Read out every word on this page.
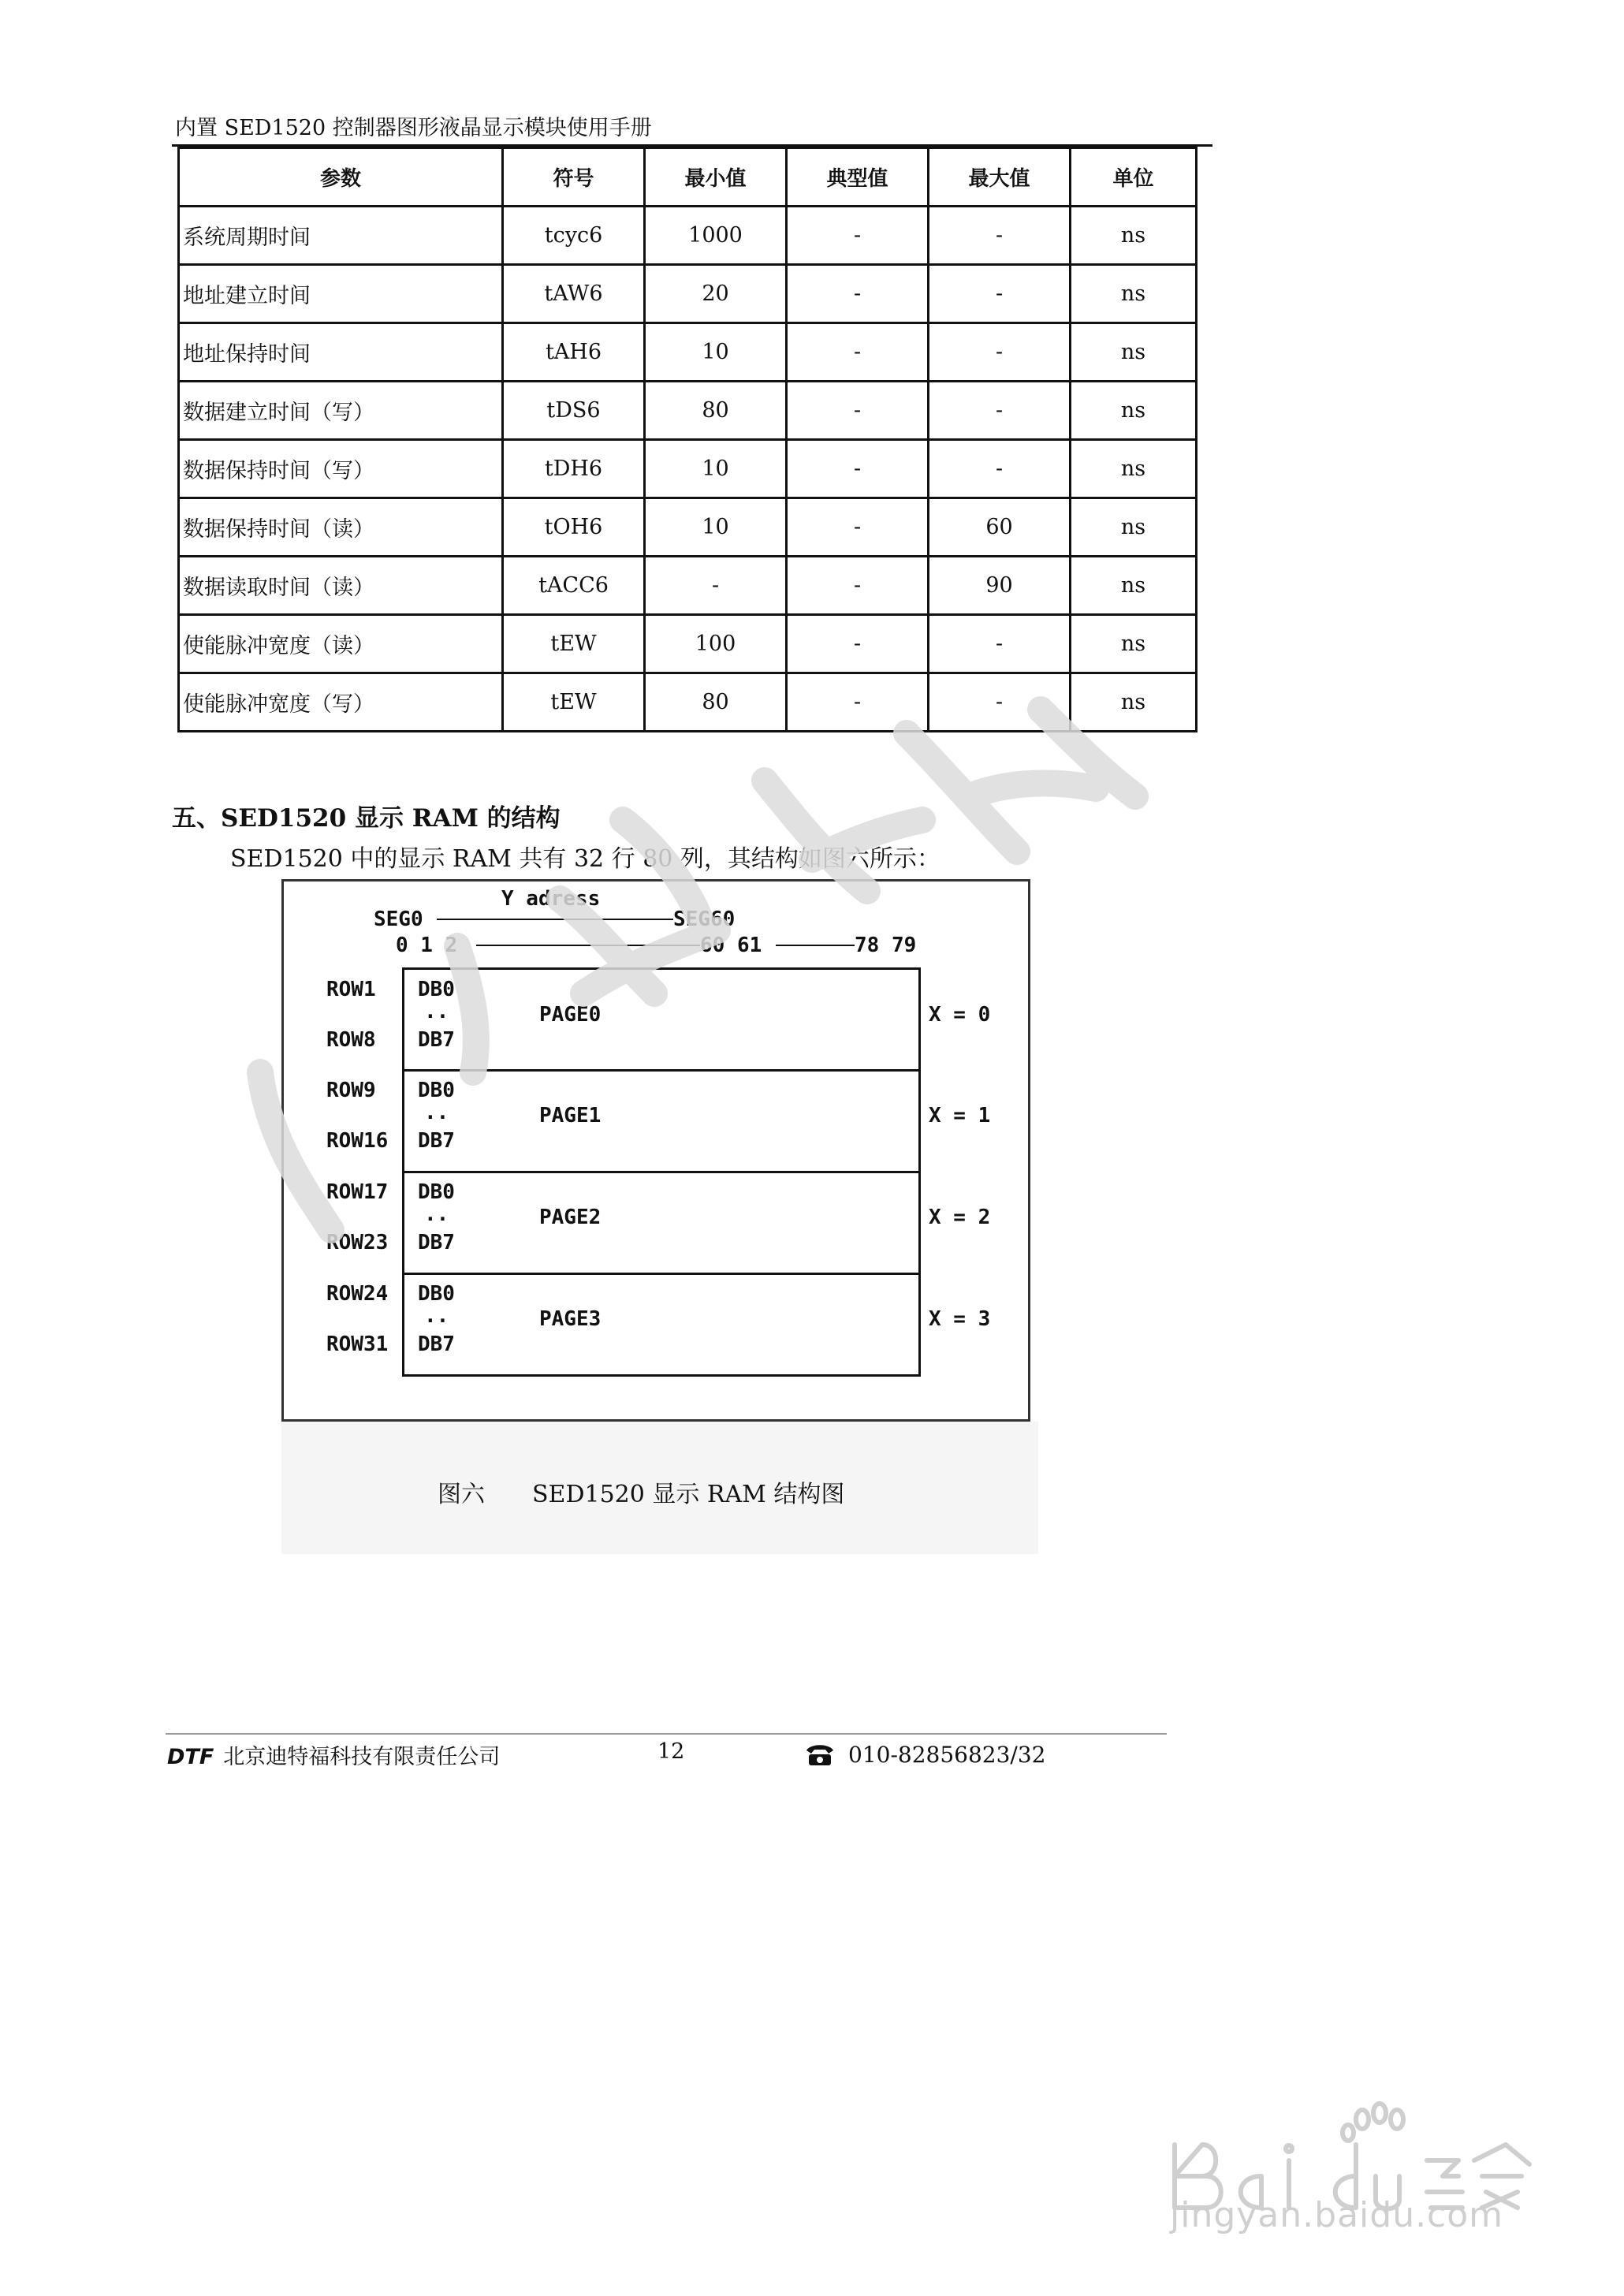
内置 SED1520 控制器图形液晶显示模块使用手册
参数	符号	最小值	典型值	最大值	单位
系统周期时间	tcyc6	1000	-	-	ns
地址建立时间	tAW6	20	-	-	ns
地址保持时间	tAH6	10	-	-	ns
数据建立时间（写）	tDS6	80	-	-	ns
数据保持时间（写）	tDH6	10	-	-	ns
数据保持时间（读）	tOH6	10	-	60	ns
数据读取时间（读）	tACC6	-	-	90	ns
使能脉冲宽度（读）	tEW	100	-	-	ns
使能脉冲宽度（写）	tEW	80	-	-	ns
五、SED1520 显示 RAM 的结构
SED1520 中的显示 RAM 共有 32 行 80 列，其结构如图六所示：
Y adress
SEG0	SEG60
0 1 2	60 61	78 79
ROW1
ROW8
DB0
..
DB7
PAGE0	X = 0
ROW9
ROW16
DB0
..
DB7
PAGE1	X = 1
ROW17
ROW23
DB0
..
DB7
PAGE2	X = 2
ROW24
ROW31
DB0
..
DB7
PAGE3	X = 3
图六 SED1520 显示 RAM 结构图
DTF 北京迪特福科技有限责任公司	12	010-82856823/32
jingyan.baidu.com
